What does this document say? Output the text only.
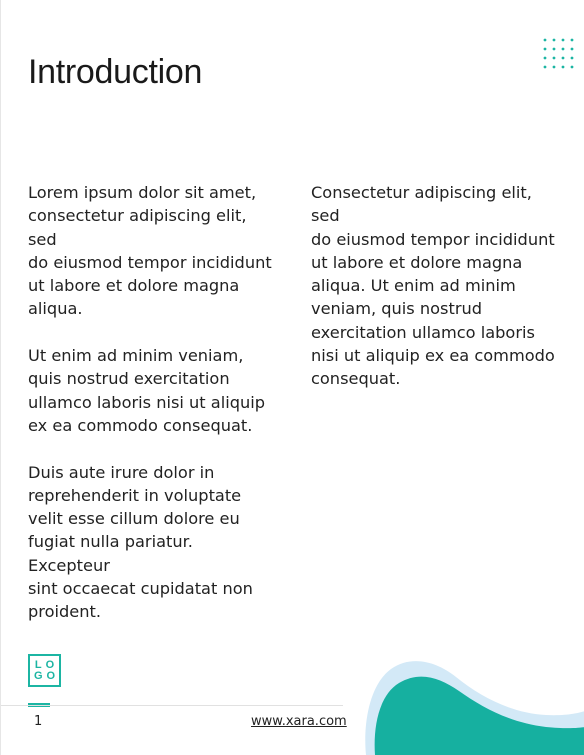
Introduction

Lorem ipsum dolor sit amet,
consectetur adipiscing elit, sed
do eiusmod tempor incididunt
ut labore et dolore magna
aliqua.

Ut enim ad minim veniam,
quis nostrud exercitation
ullamco laboris nisi ut aliquip
ex ea commodo consequat.

Duis aute irure dolor in
reprehenderit in voluptate
velit esse cillum dolore eu
fugiat nulla pariatur. Excepteur
sint occaecat cupidatat non
proident.

Consectetur adipiscing elit, sed
do eiusmod tempor incididunt
ut labore et dolore magna
aliqua. Ut enim ad minim
veniam, quis nostrud
exercitation ullamco laboris
nisi ut aliquip ex ea commodo
consequat.

LO
GO
1	www.xara.com
